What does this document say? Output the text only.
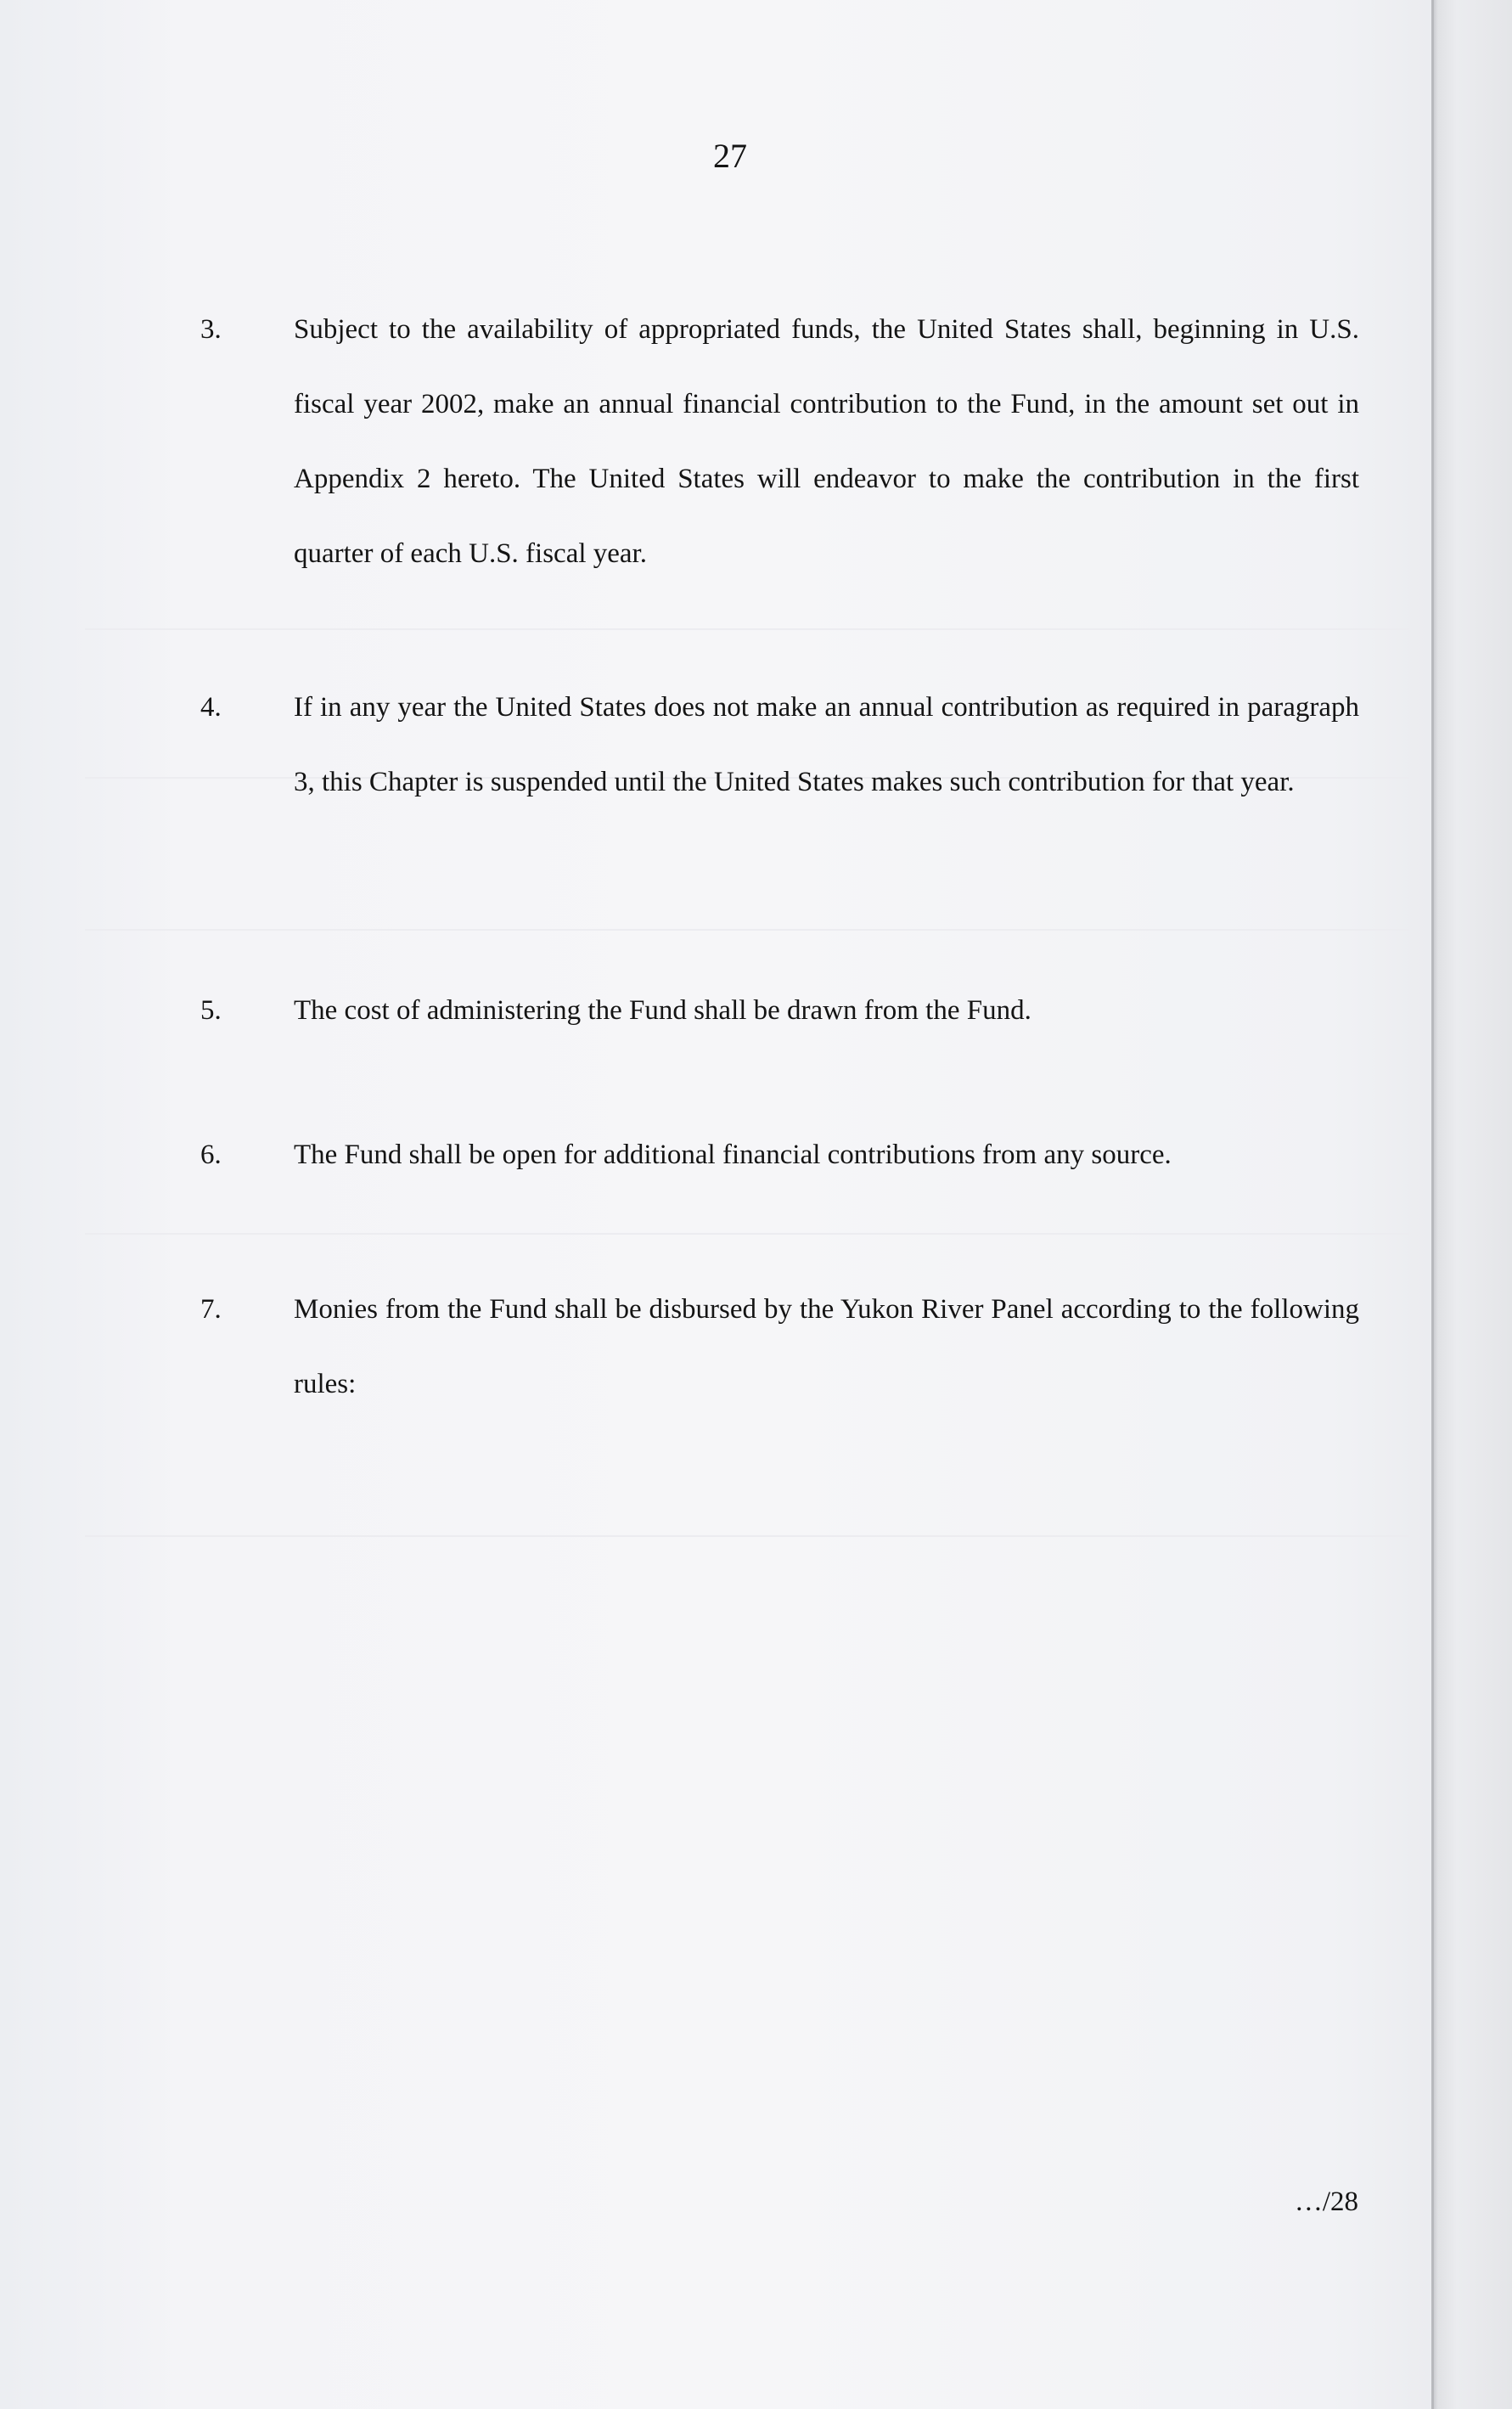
27
3.	Subject to the availability of appropriated funds, the United States shall, beginning in U.S. fiscal year 2002, make an annual financial contribution to the Fund, in the amount set out in Appendix 2 hereto. The United States will endeavor to make the contribution in the first quarter of each U.S. fiscal year.
4.	If in any year the United States does not make an annual contribution as required in paragraph 3, this Chapter is suspended until the United States makes such contribution for that year.
5.	The cost of administering the Fund shall be drawn from the Fund.
6.	The Fund shall be open for additional financial contributions from any source.
7.	Monies from the Fund shall be disbursed by the Yukon River Panel according to the following rules:
…/28
